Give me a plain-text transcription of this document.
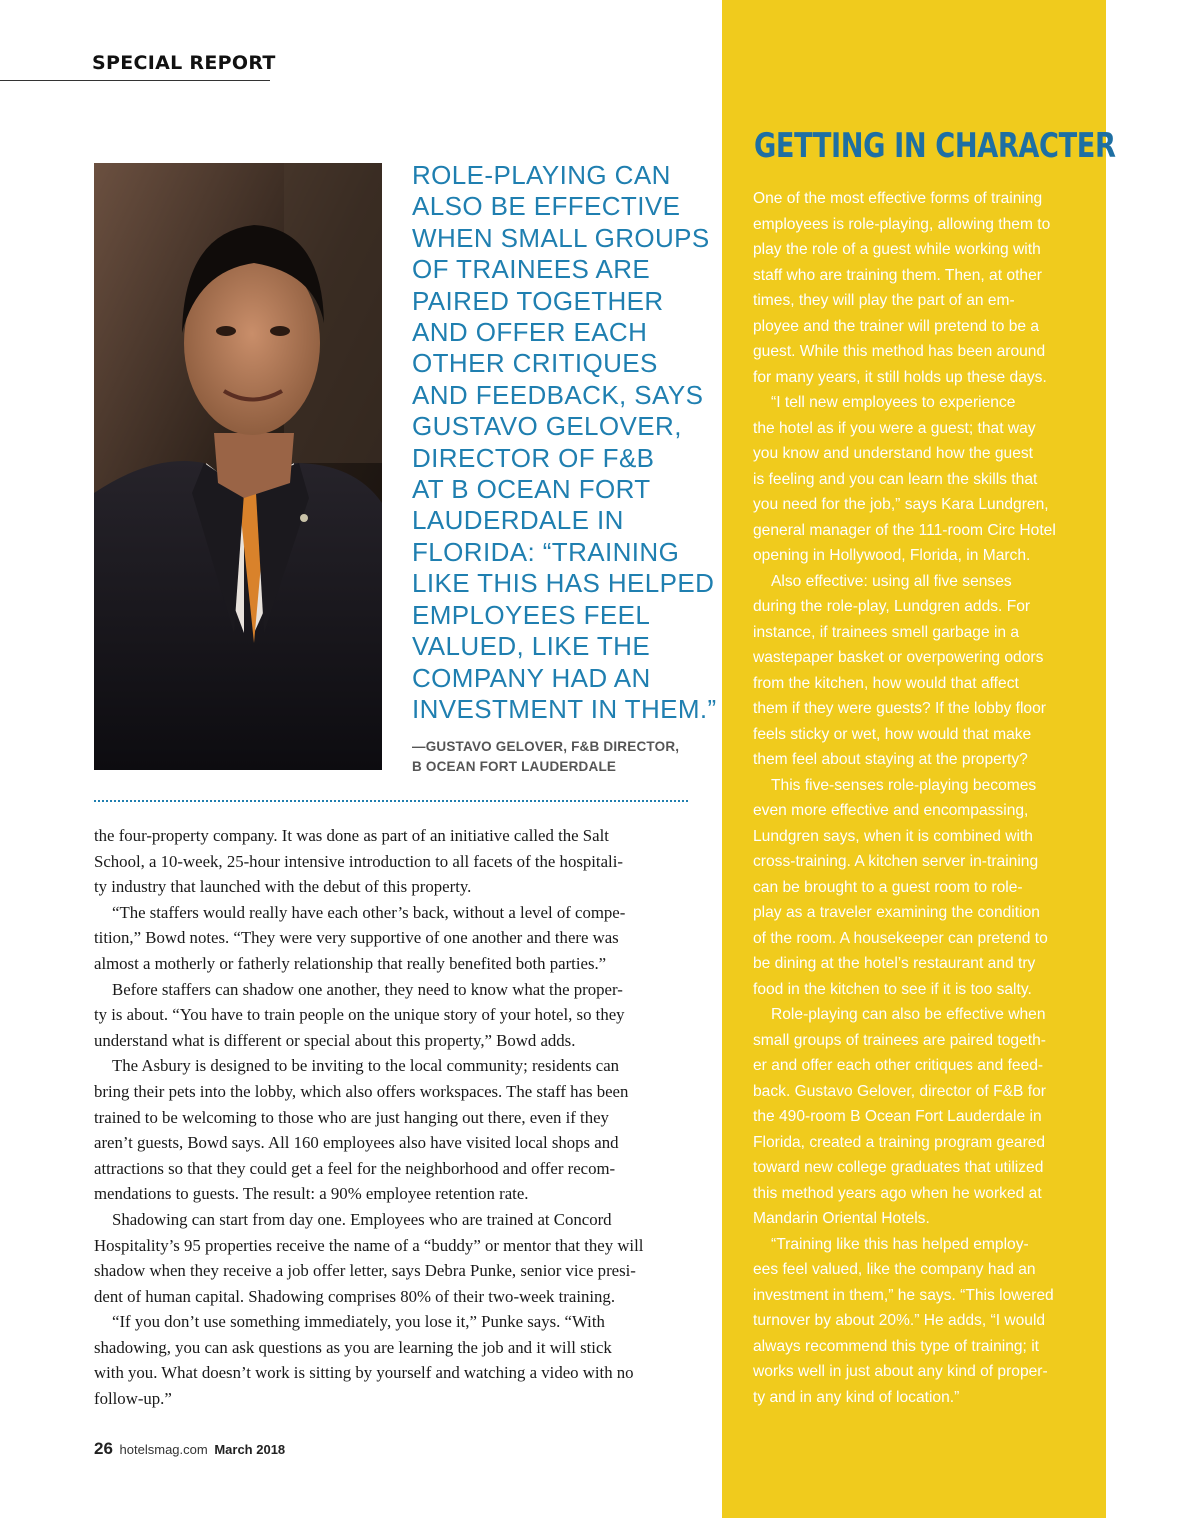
SPECIAL REPORT
ROLE-PLAYING CAN
ALSO BE EFFECTIVE
WHEN SMALL GROUPS
OF TRAINEES ARE
PAIRED TOGETHER
AND OFFER EACH
OTHER CRITIQUES
AND FEEDBACK, SAYS
GUSTAVO GELOVER,
DIRECTOR OF F&B
AT B OCEAN FORT
LAUDERDALE IN
FLORIDA: “TRAINING
LIKE THIS HAS HELPED
EMPLOYEES FEEL
VALUED, LIKE THE
COMPANY HAD AN
INVESTMENT IN THEM.”
—GUSTAVO GELOVER, F&B DIRECTOR,
B OCEAN FORT LAUDERDALE
the four-property company. It was done as part of an initiative called the Salt
School, a 10-week, 25-hour intensive introduction to all facets of the hospitali-
ty industry that launched with the debut of this property.
“The staffers would really have each other’s back, without a level of compe-
tition,” Bowd notes. “They were very supportive of one another and there was
almost a motherly or fatherly relationship that really benefited both parties.”
Before staffers can shadow one another, they need to know what the proper-
ty is about. “You have to train people on the unique story of your hotel, so they
understand what is different or special about this property,” Bowd adds.
The Asbury is designed to be inviting to the local community; residents can
bring their pets into the lobby, which also offers workspaces. The staff has been
trained to be welcoming to those who are just hanging out there, even if they
aren’t guests, Bowd says. All 160 employees also have visited local shops and
attractions so that they could get a feel for the neighborhood and offer recom-
mendations to guests. The result: a 90% employee retention rate.
Shadowing can start from day one. Employees who are trained at Concord
Hospitality’s 95 properties receive the name of a “buddy” or mentor that they will
shadow when they receive a job offer letter, says Debra Punke, senior vice presi-
dent of human capital. Shadowing comprises 80% of their two-week training.
“If you don’t use something immediately, you lose it,” Punke says. “With
shadowing, you can ask questions as you are learning the job and it will stick
with you. What doesn’t work is sitting by yourself and watching a video with no
follow-up.”
GETTING IN CHARACTER
One of the most effective forms of training
employees is role-playing, allowing them to
play the role of a guest while working with
staff who are training them. Then, at other
times, they will play the part of an em-
ployee and the trainer will pretend to be a
guest. While this method has been around
for many years, it still holds up these days.
“I tell new employees to experience
the hotel as if you were a guest; that way
you know and understand how the guest
is feeling and you can learn the skills that
you need for the job,” says Kara Lundgren,
general manager of the 111-room Circ Hotel
opening in Hollywood, Florida, in March.
Also effective: using all five senses
during the role-play, Lundgren adds. For
instance, if trainees smell garbage in a
wastepaper basket or overpowering odors
from the kitchen, how would that affect
them if they were guests? If the lobby floor
feels sticky or wet, how would that make
them feel about staying at the property?
This five-senses role-playing becomes
even more effective and encompassing,
Lundgren says, when it is combined with
cross-training. A kitchen server in-training
can be brought to a guest room to role-
play as a traveler examining the condition
of the room. A housekeeper can pretend to
be dining at the hotel’s restaurant and try
food in the kitchen to see if it is too salty.
Role-playing can also be effective when
small groups of trainees are paired togeth-
er and offer each other critiques and feed-
back. Gustavo Gelover, director of F&B for
the 490-room B Ocean Fort Lauderdale in
Florida, created a training program geared
toward new college graduates that utilized
this method years ago when he worked at
Mandarin Oriental Hotels.
“Training like this has helped employ-
ees feel valued, like the company had an
investment in them,” he says. “This lowered
turnover by about 20%.” He adds, “I would
always recommend this type of training; it
works well in just about any kind of proper-
ty and in any kind of location.”
26 hotelsmag.com March 2018
